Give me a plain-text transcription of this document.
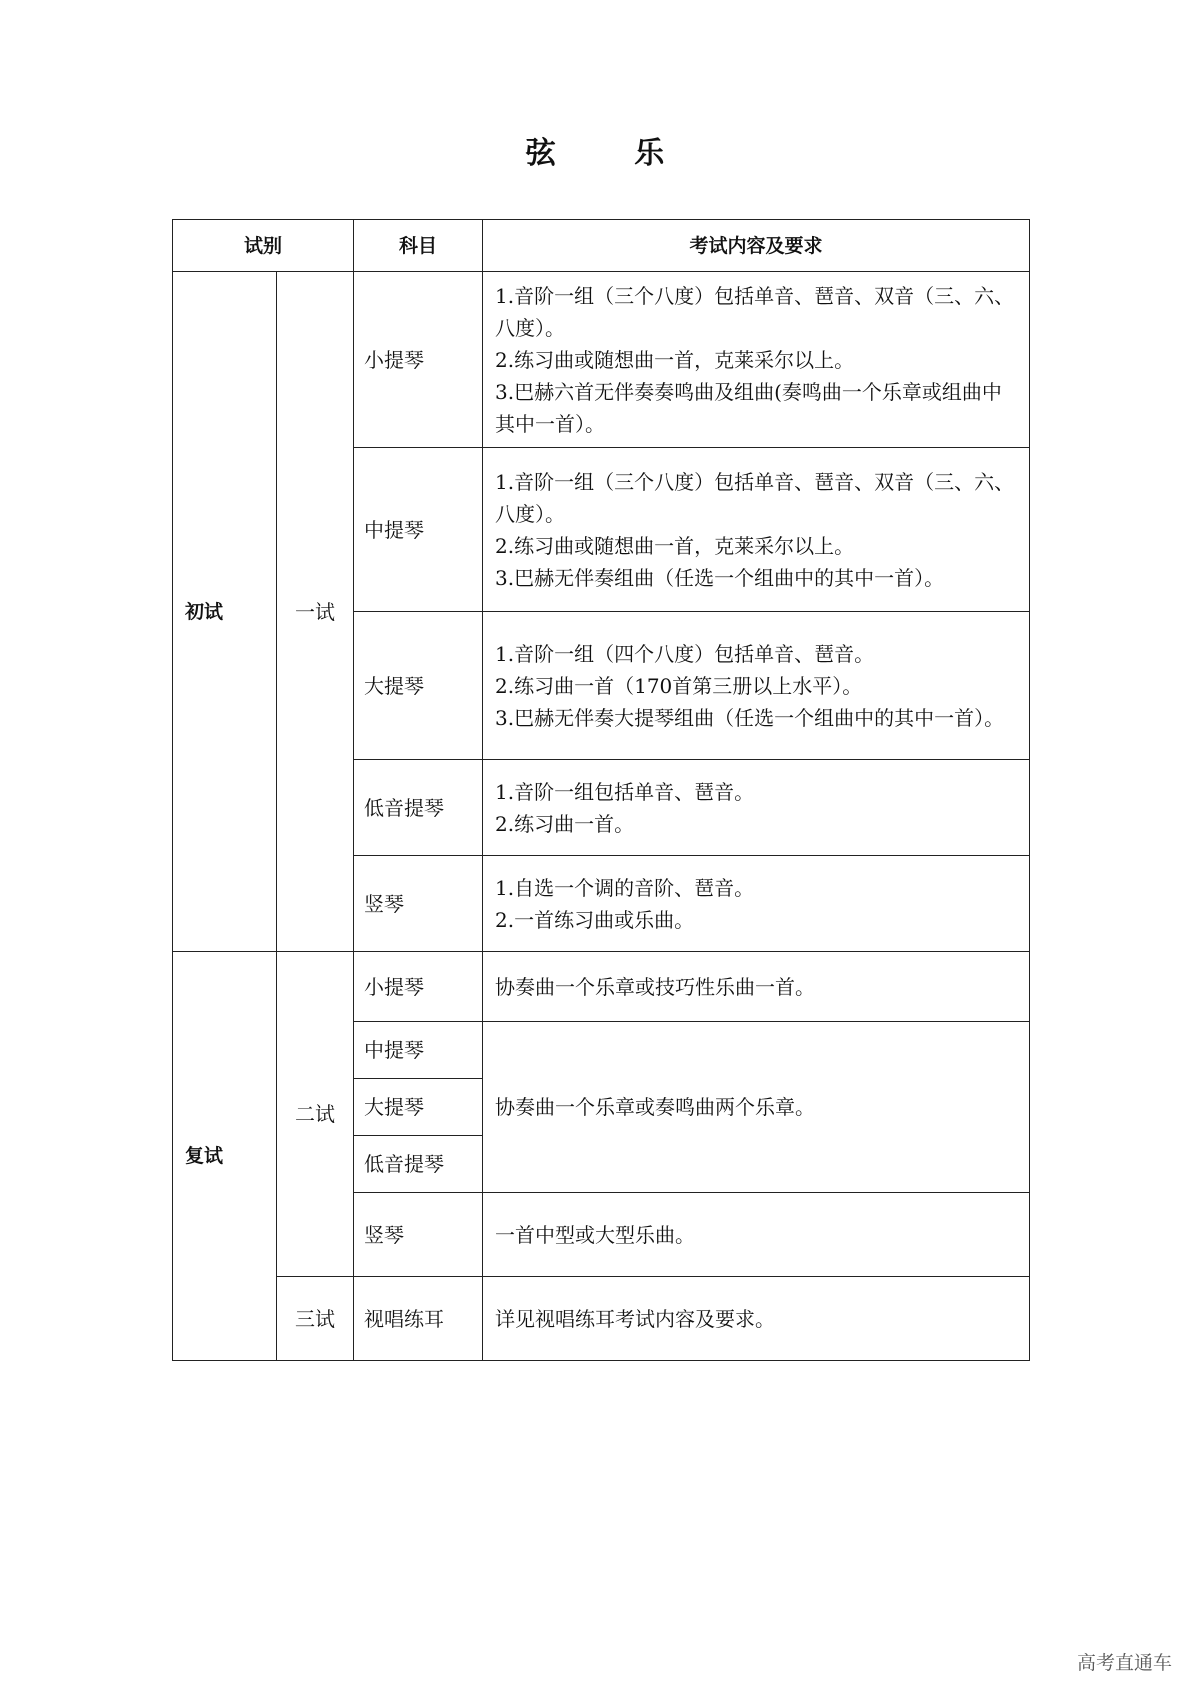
弦 乐
试别		科目	考试内容及要求
初试	一试	小提琴	1.音阶一组（三个八度）包括单音、琶音、双音（三、六、八度）。
2.练习曲或随想曲一首，克莱采尔以上。
3.巴赫六首无伴奏奏鸣曲及组曲(奏鸣曲一个乐章或组曲中其中一首）。

		中提琴	1.音阶一组（三个八度）包括单音、琶音、双音（三、六、八度）。
2.练习曲或随想曲一首，克莱采尔以上。
3.巴赫无伴奏组曲（任选一个组曲中的其中一首）。

		大提琴	1.音阶一组（四个八度）包括单音、琶音。
2.练习曲一首（170首第三册以上水平）。
3.巴赫无伴奏大提琴组曲（任选一个组曲中的其中一首）。

		低音提琴	1.音阶一组包括单音、琶音。
2.练习曲一首。

		竖琴	1.自选一个调的音阶、琶音。
2.一首练习曲或乐曲。

复试	二试	小提琴	协奏曲一个乐章或技巧性乐曲一首。
		中提琴	协奏曲一个乐章或奏鸣曲两个乐章。
		大提琴	
		低音提琴	
		竖琴	一首中型或大型乐曲。
	三试	视唱练耳	详见视唱练耳考试内容及要求。
高考直通车
